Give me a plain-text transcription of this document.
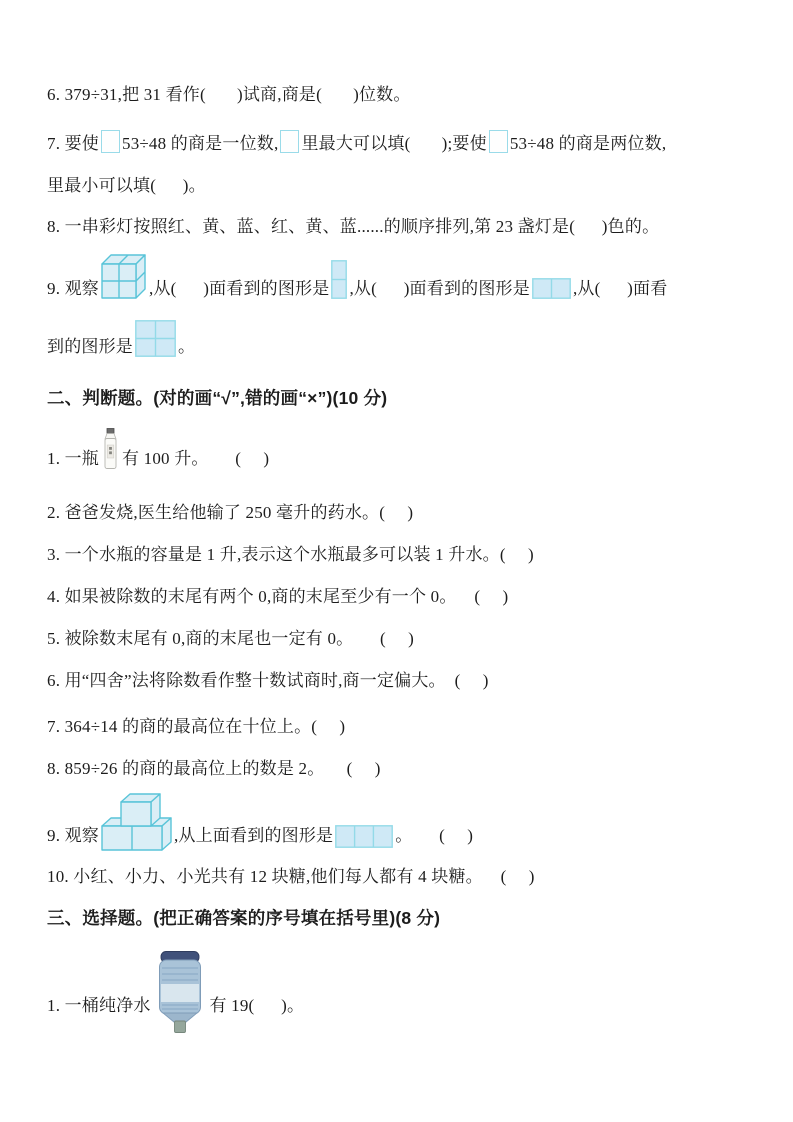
6. 379÷31,把 31 看作(       )试商,商是(       )位数。
7. 要使 53÷48 的商是一位数, 里最大可以填(       );要使 53÷48 的商是两位数,
里最小可以填(      )。
8. 一串彩灯按照红、黄、蓝、红、黄、蓝......的顺序排列,第 23 盏灯是(      )色的。
9. 观察	,从(      )面看到的图形是 ,从(      )面看到的图形是	,从(      )面看
到的图形是	。
二、判断题。(对的画“√”,错的画“×”)(10 分)
1. 一瓶 有 100 升。      (     )
2. 爸爸发烧,医生给他输了 250 毫升的药水。(     )
3. 一个水瓶的容量是 1 升,表示这个水瓶最多可以装 1 升水。(     )
4. 如果被除数的末尾有两个 0,商的末尾至少有一个 0。    (     )
5. 被除数末尾有 0,商的末尾也一定有 0。      (     )
6. 用“四舍”法将除数看作整十数试商时,商一定偏大。  (     )
7. 364÷14 的商的最高位在十位上。(     )
8. 859÷26 的商的最高位上的数是 2。     (     )
9. 观察	,从上面看到的图形是	。      (     )
10. 小红、小力、小光共有 12 块糖,他们每人都有 4 块糖。    (     )
三、选择题。(把正确答案的序号填在括号里)(8 分)
1. 一桶纯净水	有 19(      )。
